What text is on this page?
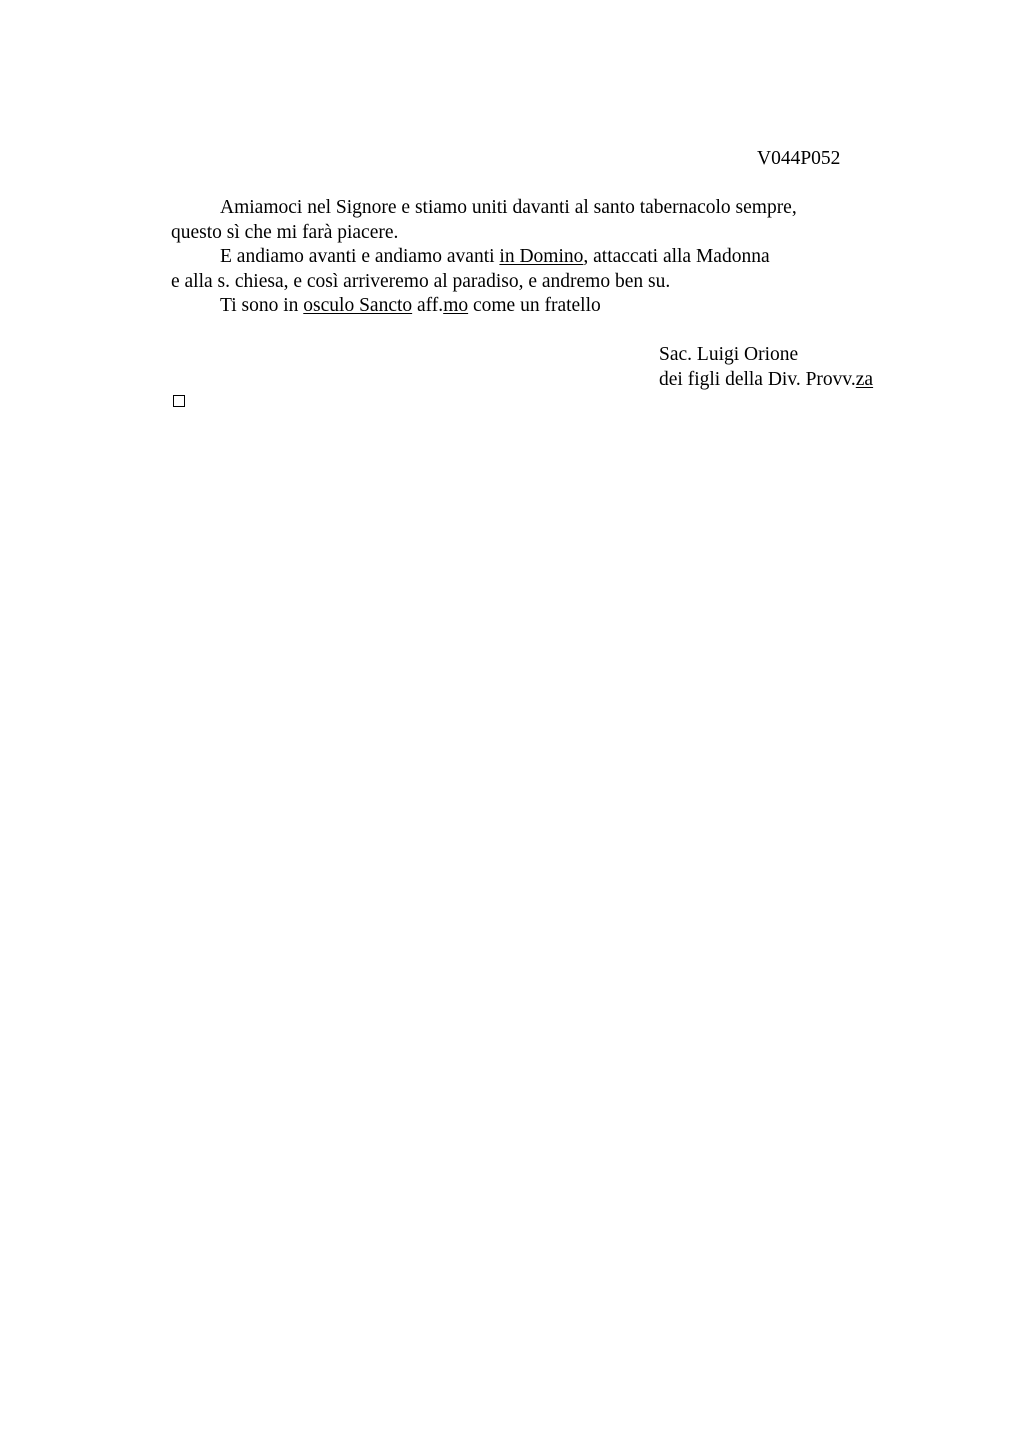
V044P052
Amiamoci nel Signore e stiamo uniti davanti al santo tabernacolo sempre,
questo sì che mi farà piacere.
E andiamo avanti e andiamo avanti in Domino, attaccati alla Madonna
e alla s. chiesa, e così arriveremo al paradiso, e andremo ben su.
Ti sono in osculo Sancto aff.mo come un fratello
Sac. Luigi Orione
dei figli della Div. Provv.za
